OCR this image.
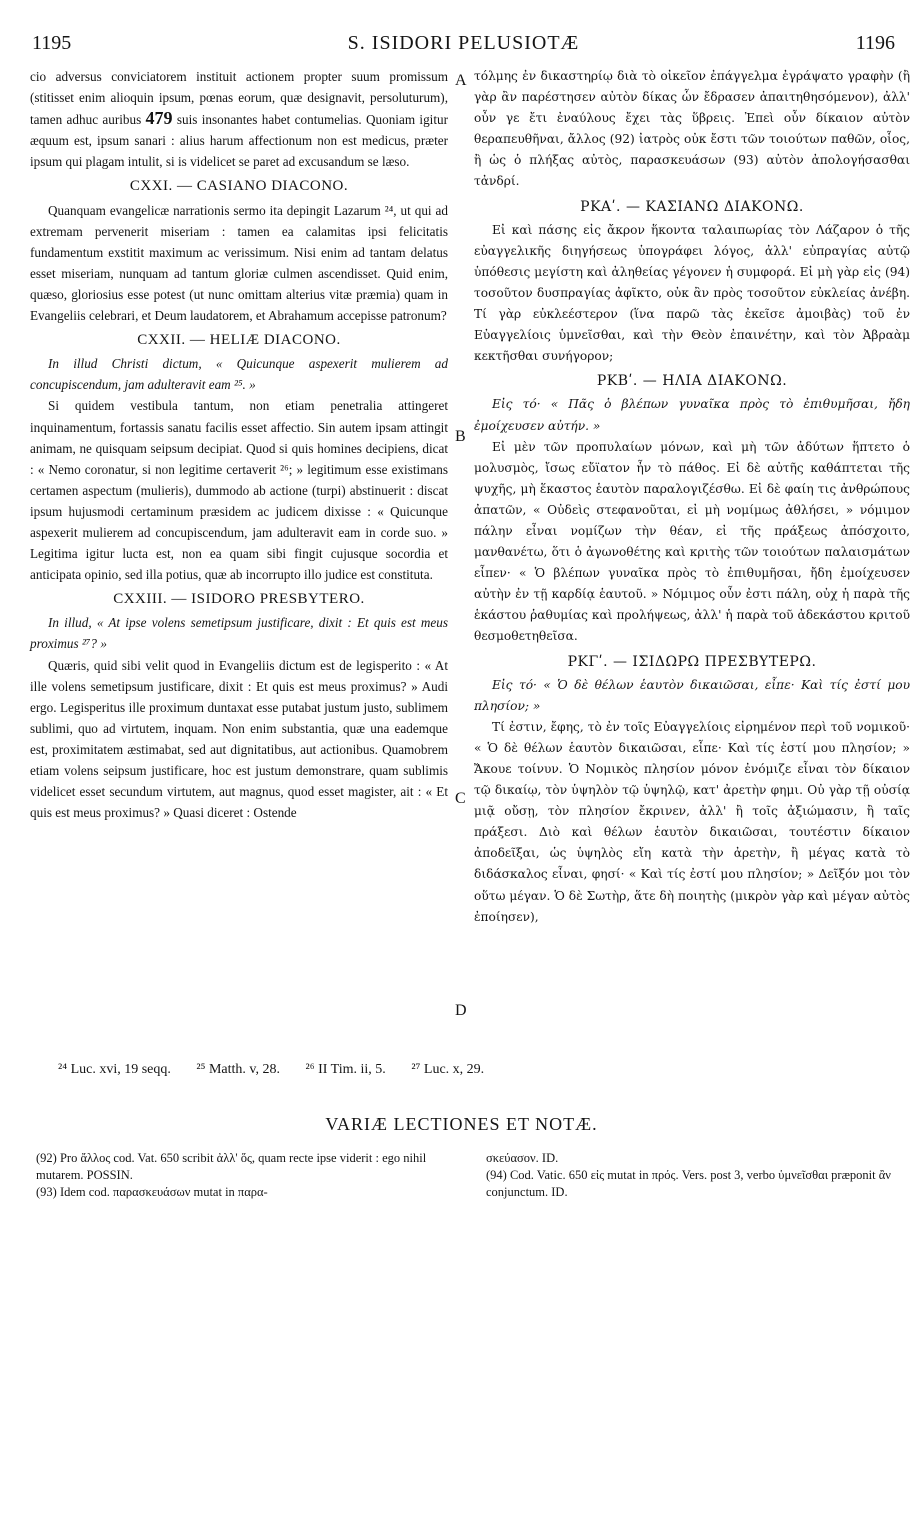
1195	S. ISIDORI PELUSIOTÆ	1196

cio adversus conviciatorem instituit actionem propter suum promissum (stitisset enim alioquin ipsum, pœnas eorum, quæ designavit, persoluturum), tamen adhuc auribus 479 suis insonantes habet contumelias. Quoniam igitur æquum est, ipsum sanari : alius harum affectionum non est medicus, præter ipsum qui plagam intulit, si is videlicet se paret ad excusandum se læso.

CXXI. — CASIANO DIACONO.

Quanquam evangelicæ narrationis sermo ita depingit Lazarum ²⁴, ut qui ad extremam pervenerit miseriam : tamen ea calamitas ipsi felicitatis fundamentum exstitit maximum ac verissimum. Nisi enim ad tantam delatus esset miseriam, nunquam ad tantum gloriæ culmen ascendisset. Quid enim, quæso, gloriosius esse potest (ut nunc omittam alterius vitæ præmia) quam in Evangeliis celebrari, et Deum laudatorem, et Abrahamum accepisse patronum?

CXXII. — HELIÆ DIACONO.

In illud Christi dictum, « Quicunque aspexerit mulierem ad concupiscendum, jam adulteravit eam ²⁵. »

Si quidem vestibula tantum, non etiam penetralia attingeret inquinamentum, fortassis sanatu facilis esset affectio. Sin autem ipsam attingit animam, ne quisquam seipsum decipiat. Quod si quis homines decipiens, dicat : « Nemo coronatur, si non legitime certaverit ²⁶; » legitimum esse existimans certamen aspectum (mulieris), dummodo ab actione (turpi) abstinuerit : discat ipsum hujusmodi certaminum præsidem ac judicem dixisse : « Quicunque aspexerit mulierem ad concupiscendum, jam adulteravit eam in corde suo. » Legitima igitur lucta est, non ea quam sibi fingit cujusque socordia et anticipata opinio, sed illa potius, quæ ab incorrupto illo judice est constituta.

CXXIII. — ISIDORO PRESBYTERO.

In illud, « At ipse volens semetipsum justificare, dixit : Et quis est meus proximus ²⁷? »

Quæris, quid sibi velit quod in Evangeliis dictum est de legisperito : « At ille volens semetipsum justificare, dixit : Et quis est meus proximus? » Audi ergo. Legisperitus ille proximum duntaxat esse putabat justum justo, sublimem sublimi, quo ad virtutem, inquam. Non enim substantia, quæ una eademque est, proximitatem æstimabat, sed aut dignitatibus, aut actionibus. Quamobrem etiam volens seipsum justificare, hoc est justum demonstrare, quam sublimis videlicet esset secundum virtutem, aut magnus, quod esset magister, ait : « Et quis est meus proximus? » Quasi diceret : Ostende

A
B
C

τόλμης ἐν δικαστηρίῳ διὰ τὸ οἰκεῖον ἐπάγγελμα ἐγράψατο γραφὴν (ἢ γὰρ ἂν παρέστησεν αὐτὸν δίκας ὧν ἔδρασεν ἀπαιτηθησόμενον), ἀλλ' οὖν γε ἔτι ἐναύλους ἔχει τὰς ὕβρεις. Ἐπεὶ οὖν δίκαιον αὐτὸν θεραπευθῆναι, ἄλλος (92) ἰατρὸς οὐκ ἔστι τῶν τοιούτων παθῶν, οἷος, ἢ ὡς ὁ πλήξας αὐτὸς, παρασκευάσων (93) αὐτὸν ἀπολογήσασθαι τἀνδρί.

ΡΚΑʹ. — ΚΑΣΙΑΝΩ ΔΙΑΚΟΝΩ.

Εἰ καὶ πάσης εἰς ἄκρον ἥκοντα ταλαιπωρίας τὸν Λάζαρον ὁ τῆς εὐαγγελικῆς διηγήσεως ὑπογράφει λόγος, ἀλλ' εὐπραγίας αὐτῷ ὑπόθεσις μεγίστη καὶ ἀληθείας γέγονεν ἡ συμφορά. Εἰ μὴ γὰρ εἰς (94) τοσοῦτον δυσπραγίας ἀφῖκτο, οὐκ ἂν πρὸς τοσοῦτον εὐκλείας ἀνέβη. Τί γὰρ εὐκλεέστερον (ἵνα παρῶ τὰς ἐκεῖσε ἀμοιβὰς) τοῦ ἐν Εὐαγγελίοις ὑμνεῖσθαι, καὶ τὴν Θεὸν ἐπαινέτην, καὶ τὸν Ἀβραὰμ κεκτῆσθαι συνήγορον;

ΡΚΒʹ. — ΗΛΙΑ ΔΙΑΚΟΝΩ.

Εἰς τό· « Πᾶς ὁ βλέπων γυναῖκα πρὸς τὸ ἐπιθυμῆσαι, ἤδη ἐμοίχευσεν αὐτήν. »

Εἰ μὲν τῶν προπυλαίων μόνων, καὶ μὴ τῶν ἀδύτων ἥπτετο ὁ μολυσμὸς, ἴσως εὔϊατον ἦν τὸ πάθος. Εἰ δὲ αὐτῆς καθάπτεται τῆς ψυχῆς, μὴ ἕκαστος ἑαυτὸν παραλογιζέσθω. Εἰ δὲ φαίη τις ἀνθρώπους ἀπατῶν, « Οὐδεὶς στεφανοῦται, εἰ μὴ νομίμως ἀθλήσει, » νόμιμον πάλην εἶναι νομίζων τὴν θέαν, εἰ τῆς πράξεως ἀπόσχοιτο, μανθανέτω, ὅτι ὁ ἀγωνοθέτης καὶ κριτὴς τῶν τοιούτων παλαισμάτων εἶπεν· « Ὁ βλέπων γυναῖκα πρὸς τὸ ἐπιθυμῆσαι, ἤδη ἐμοίχευσεν αὐτὴν ἐν τῇ καρδίᾳ ἑαυτοῦ. » Νόμιμος οὖν ἐστι πάλη, οὐχ ἡ παρὰ τῆς ἑκάστου ῥαθυμίας καὶ προλήψεως, ἀλλ' ἡ παρὰ τοῦ ἀδεκάστου κριτοῦ θεσμοθετηθεῖσα.

ΡΚΓʹ. — ΙΣΙΔΩΡΩ ΠΡΕΣΒΥΤΕΡΩ.

Εἰς τό· « Ὁ δὲ θέλων ἑαυτὸν δικαιῶσαι, εἶπε· Καὶ τίς ἐστί μου πλησίον; »

Τί ἐστιν, ἔφης, τὸ ἐν τοῖς Εὐαγγελίοις εἰρημένον περὶ τοῦ νομικοῦ· « Ὁ δὲ θέλων ἑαυτὸν δικαιῶσαι, εἶπε· Καὶ τίς ἐστί μου πλησίον; » Ἄκουε τοίνυν. Ὁ Νομικὸς πλησίον μόνον ἐνόμιζε εἶναι τὸν δίκαιον τῷ δικαίῳ, τὸν ὑψηλὸν τῷ ὑψηλῷ, κατ' ἀρετὴν φημι. Οὐ γὰρ τῇ οὐσίᾳ μιᾷ οὔσῃ, τὸν πλησίον ἔκρινεν, ἀλλ' ἢ τοῖς ἀξιώμασιν, ἢ ταῖς πράξεσι. Διὸ καὶ θέλων ἑαυτὸν δικαιῶσαι, τουτέστιν δίκαιον ἀποδεῖξαι, ὡς ὑψηλὸς εἴη κατὰ τὴν ἀρετὴν, ἢ μέγας κατὰ τὸ διδάσκαλος εἶναι, φησί· « Καὶ τίς ἐστί μου πλησίον; » Δεῖξόν μοι τὸν οὕτω μέγαν. Ὁ δὲ Σωτὴρ, ἅτε δὴ ποιητὴς (μικρὸν γὰρ καὶ μέγαν αὐτὸς ἐποίησεν),

D
²⁴ Luc. xvi, 19 seqq. ²⁵ Matth. v, 28. ²⁶ II Tim. ii, 5. ²⁷ Luc. x, 29.
VARIÆ LECTIONES ET NOTÆ.

(92) Pro ἄλλος cod. Vat. 650 scribit ἀλλ' ὅς, quam recte ipse viderit : ego nihil mutarem. POSSIN.

(93) Idem cod. παρασκευάσων mutat in παρα-

σκεύασον. ID.

(94) Cod. Vatic. 650 εἰς mutat in πρός. Vers. post 3, verbo ὑμνεῖσθαι præponit ἂν conjunctum. ID.
